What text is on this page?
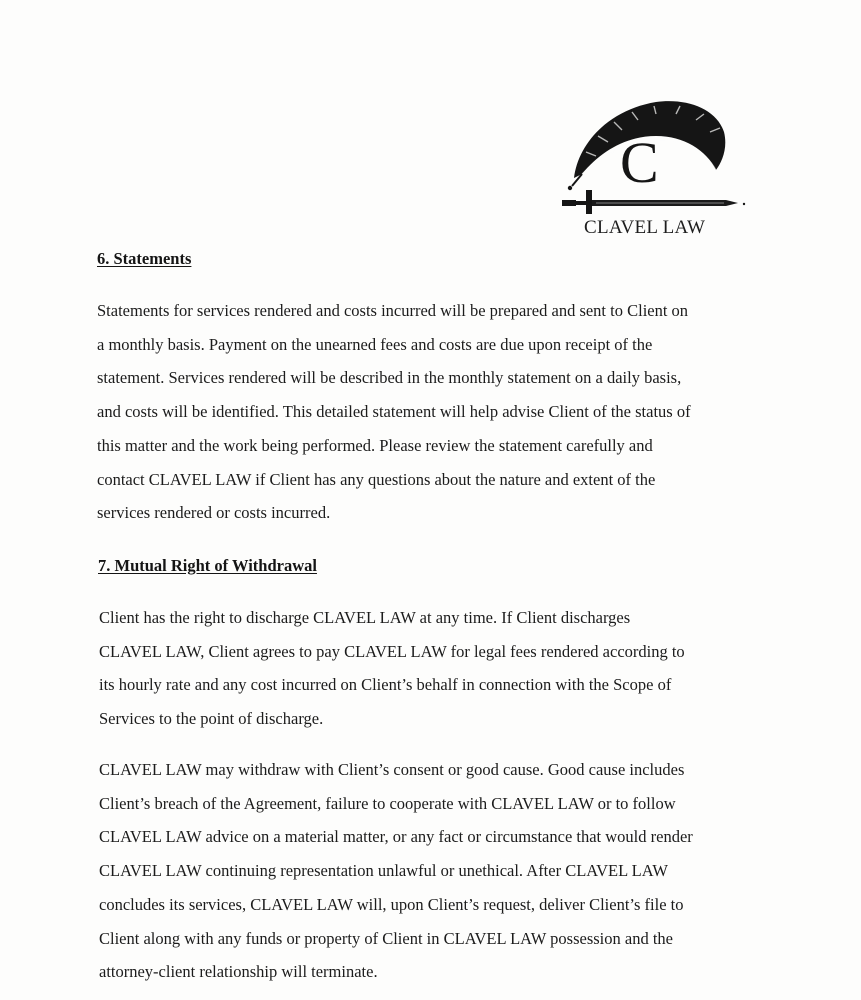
C
CLAVEL LAW
6. Statements
Statements for services rendered and costs incurred will be prepared and sent to Client on
a monthly basis. Payment on the unearned fees and costs are due upon receipt of the
statement. Services rendered will be described in the monthly statement on a daily basis,
and costs will be identified. This detailed statement will help advise Client of the status of
this matter and the work being performed. Please review the statement carefully and
contact CLAVEL LAW if Client has any questions about the nature and extent of the
services rendered or costs incurred.
7. Mutual Right of Withdrawal
Client has the right to discharge CLAVEL LAW at any time. If Client discharges
CLAVEL LAW, Client agrees to pay CLAVEL LAW for legal fees rendered according to
its hourly rate and any cost incurred on Client’s behalf in connection with the Scope of
Services to the point of discharge.
CLAVEL LAW may withdraw with Client’s consent or good cause. Good cause includes
Client’s breach of the Agreement, failure to cooperate with CLAVEL LAW or to follow
CLAVEL LAW advice on a material matter, or any fact or circumstance that would render
CLAVEL LAW continuing representation unlawful or unethical. After CLAVEL LAW
concludes its services, CLAVEL LAW will, upon Client’s request, deliver Client’s file to
Client along with any funds or property of Client in CLAVEL LAW possession and the
attorney-client relationship will terminate.
